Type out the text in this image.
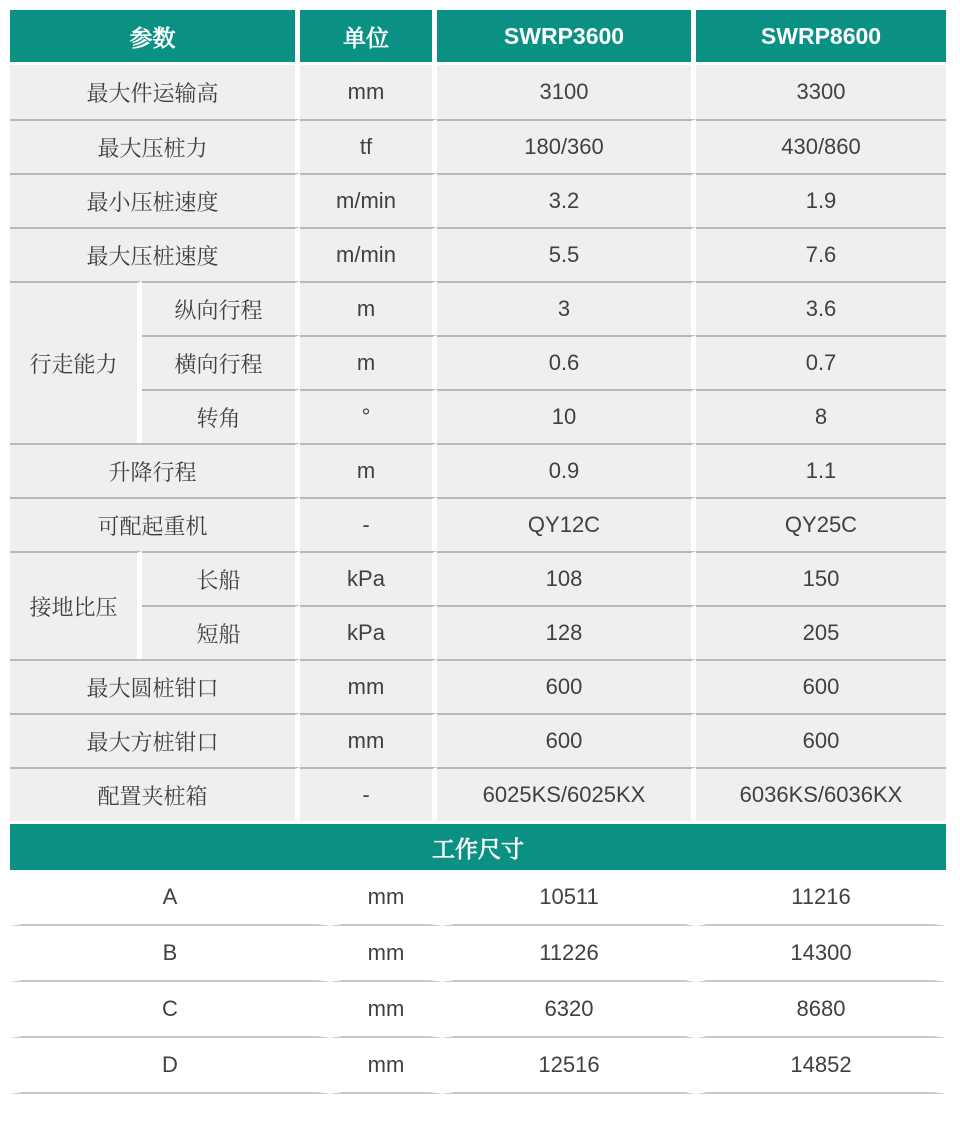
参数		单位	SWRP3600	SWRP8600
最大件运输高		mm	3100	3300
最大压桩力		tf	180/360	430/860
最小压桩速度		m/min	3.2	1.9
最大压桩速度		m/min	5.5	7.6
行走能力	纵向行程	m	3	3.6
	横向行程	m	0.6	0.7
	转角	°	10	8
升降行程		m	0.9	1.1
可配起重机		-	QY12C	QY25C
接地比压	长船	kPa	108	150
	短船	kPa	128	205
最大圆桩钳口		mm	600	600
最大方桩钳口		mm	600	600
配置夹桩箱		-	6025KS/6025KX	6036KS/6036KX
工作尺寸
A	mm	10511	11216
B	mm	11226	14300
C	mm	6320	8680
D	mm	12516	14852
